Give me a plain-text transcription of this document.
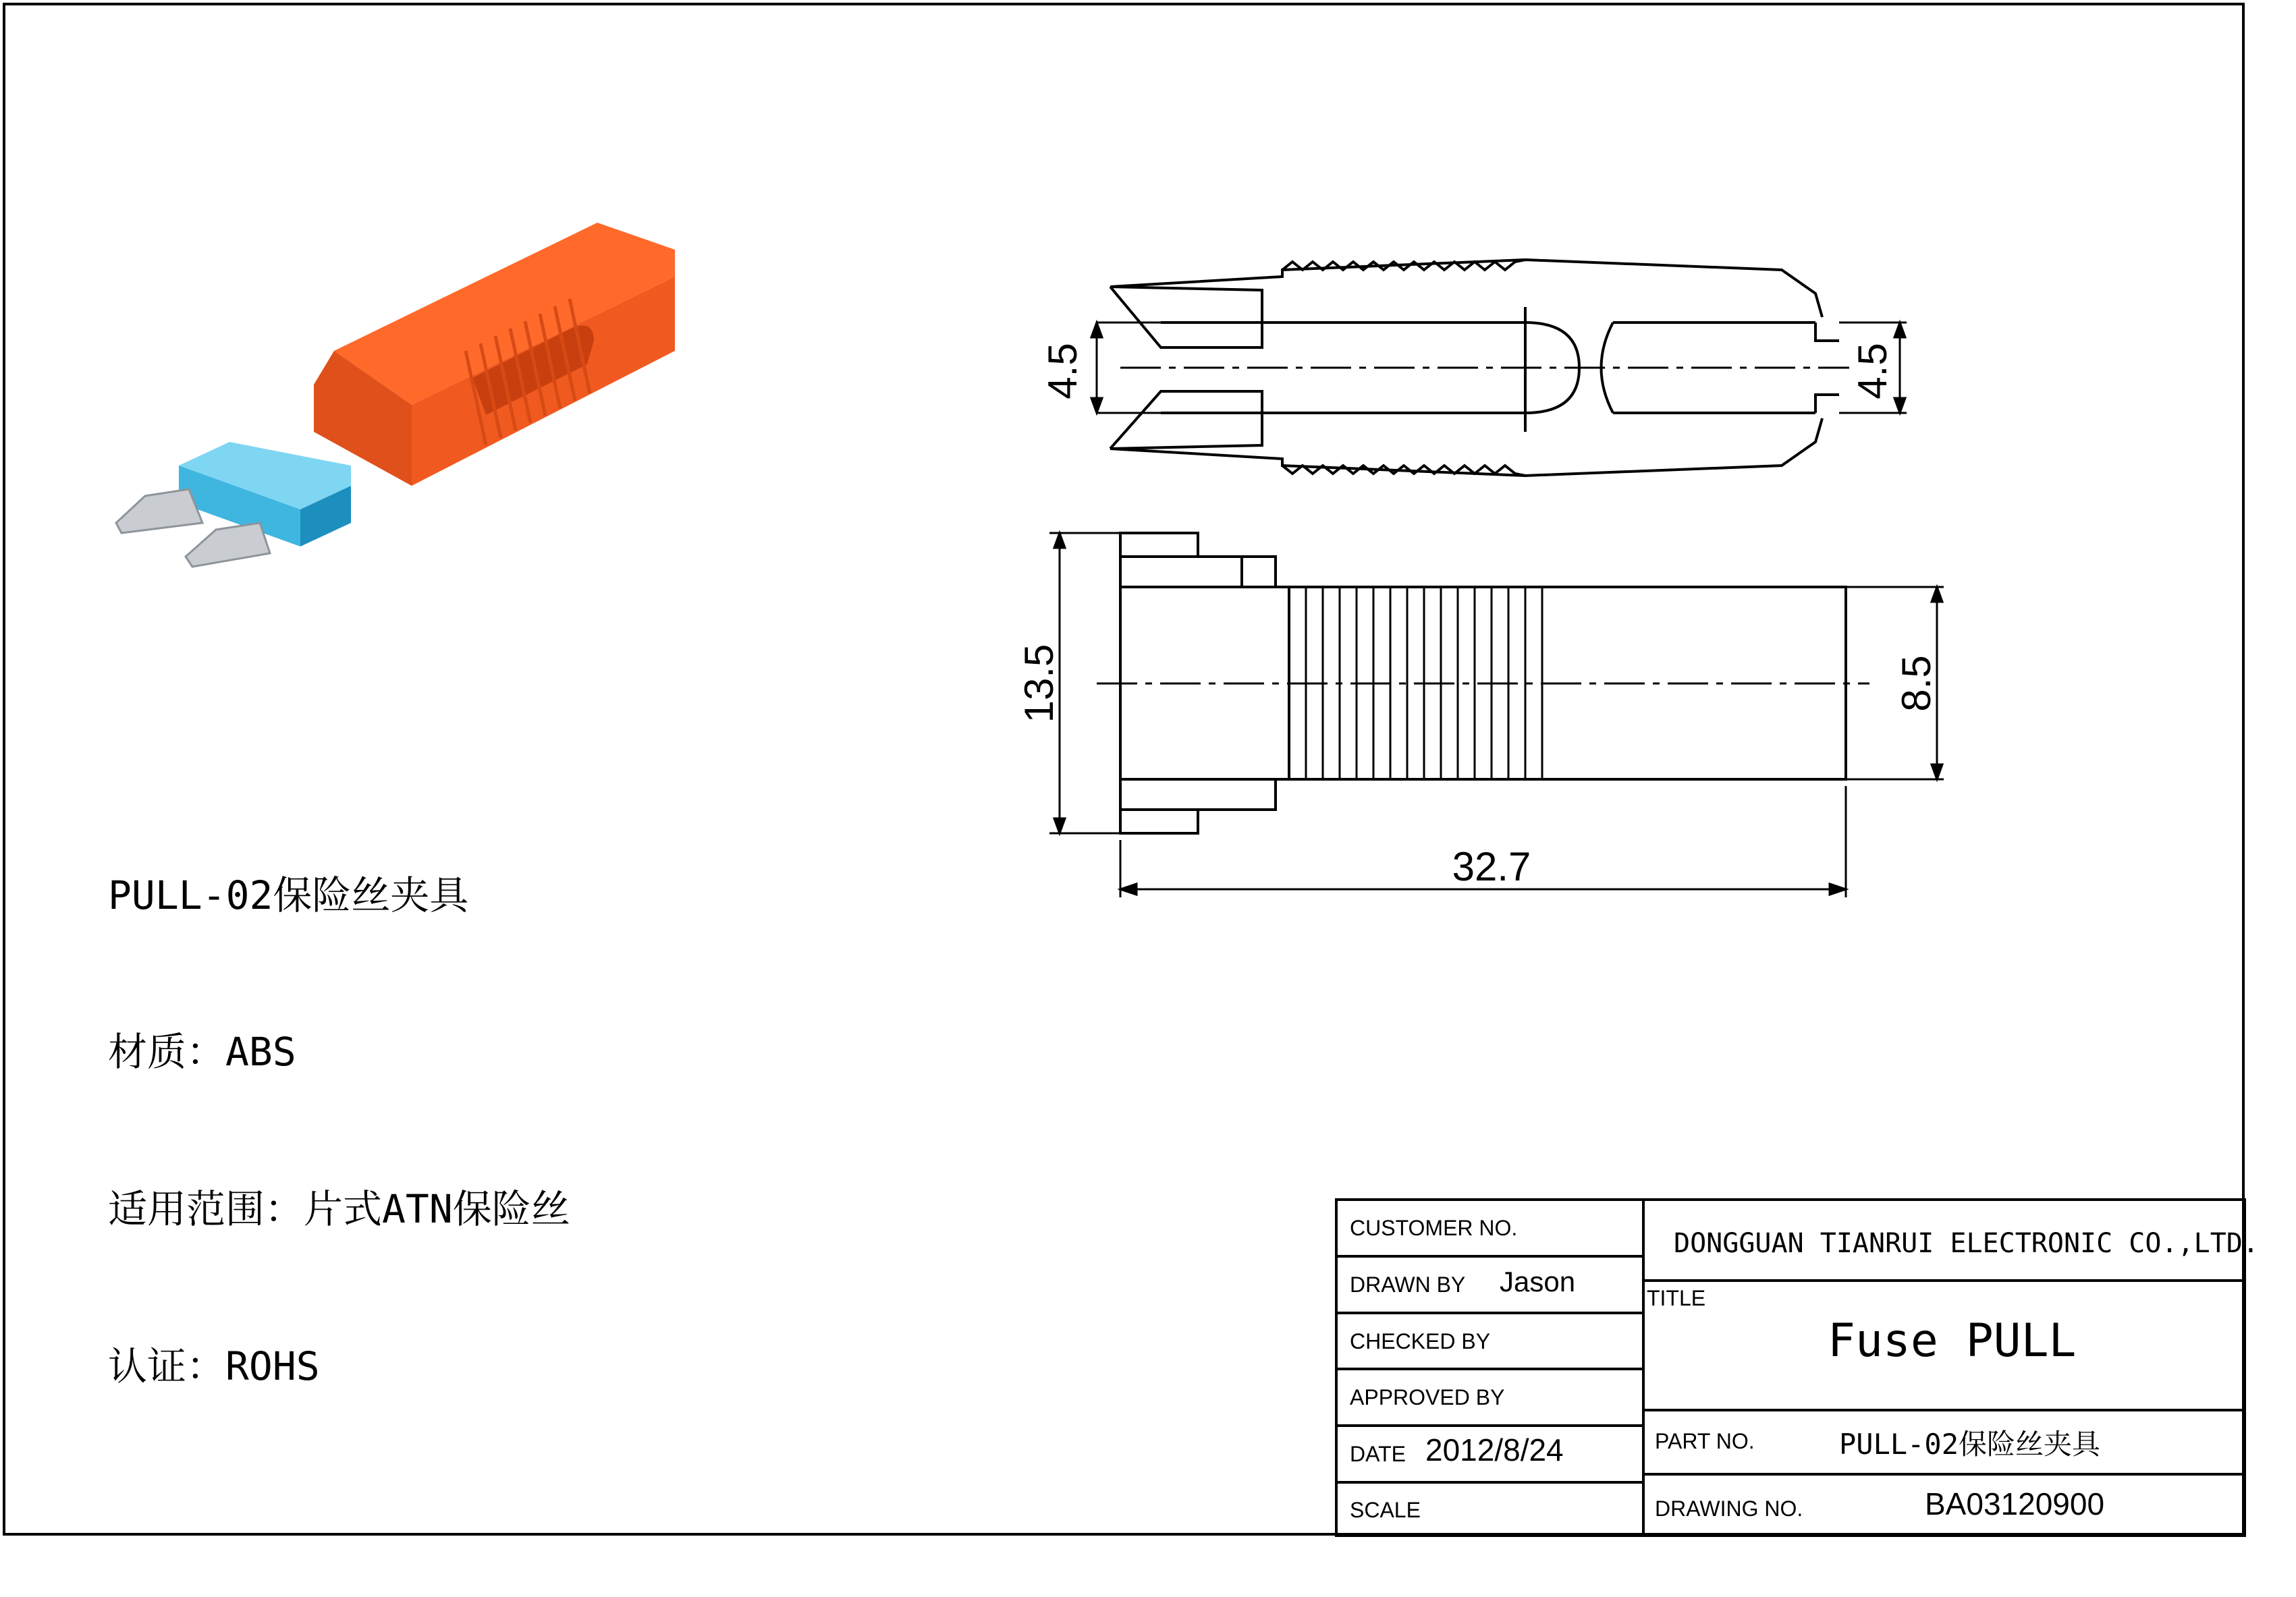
4.5	4.5
13.5	8.5
32.7
PULL-02保险丝夹具
材质：ABS
适用范围：片式ATN保险丝
认证：ROHS
CUSTOMER NO.
DRAWN BY Jason
CHECKED BY
APPROVED BY
DATE 2012/8/24
SCALE
DONGGUAN TIANRUI ELECTRONIC CO.,LTD.
TITLE
Fuse PULL
PART NO.	PULL-02保险丝夹具
DRAWING NO.	BA03120900
